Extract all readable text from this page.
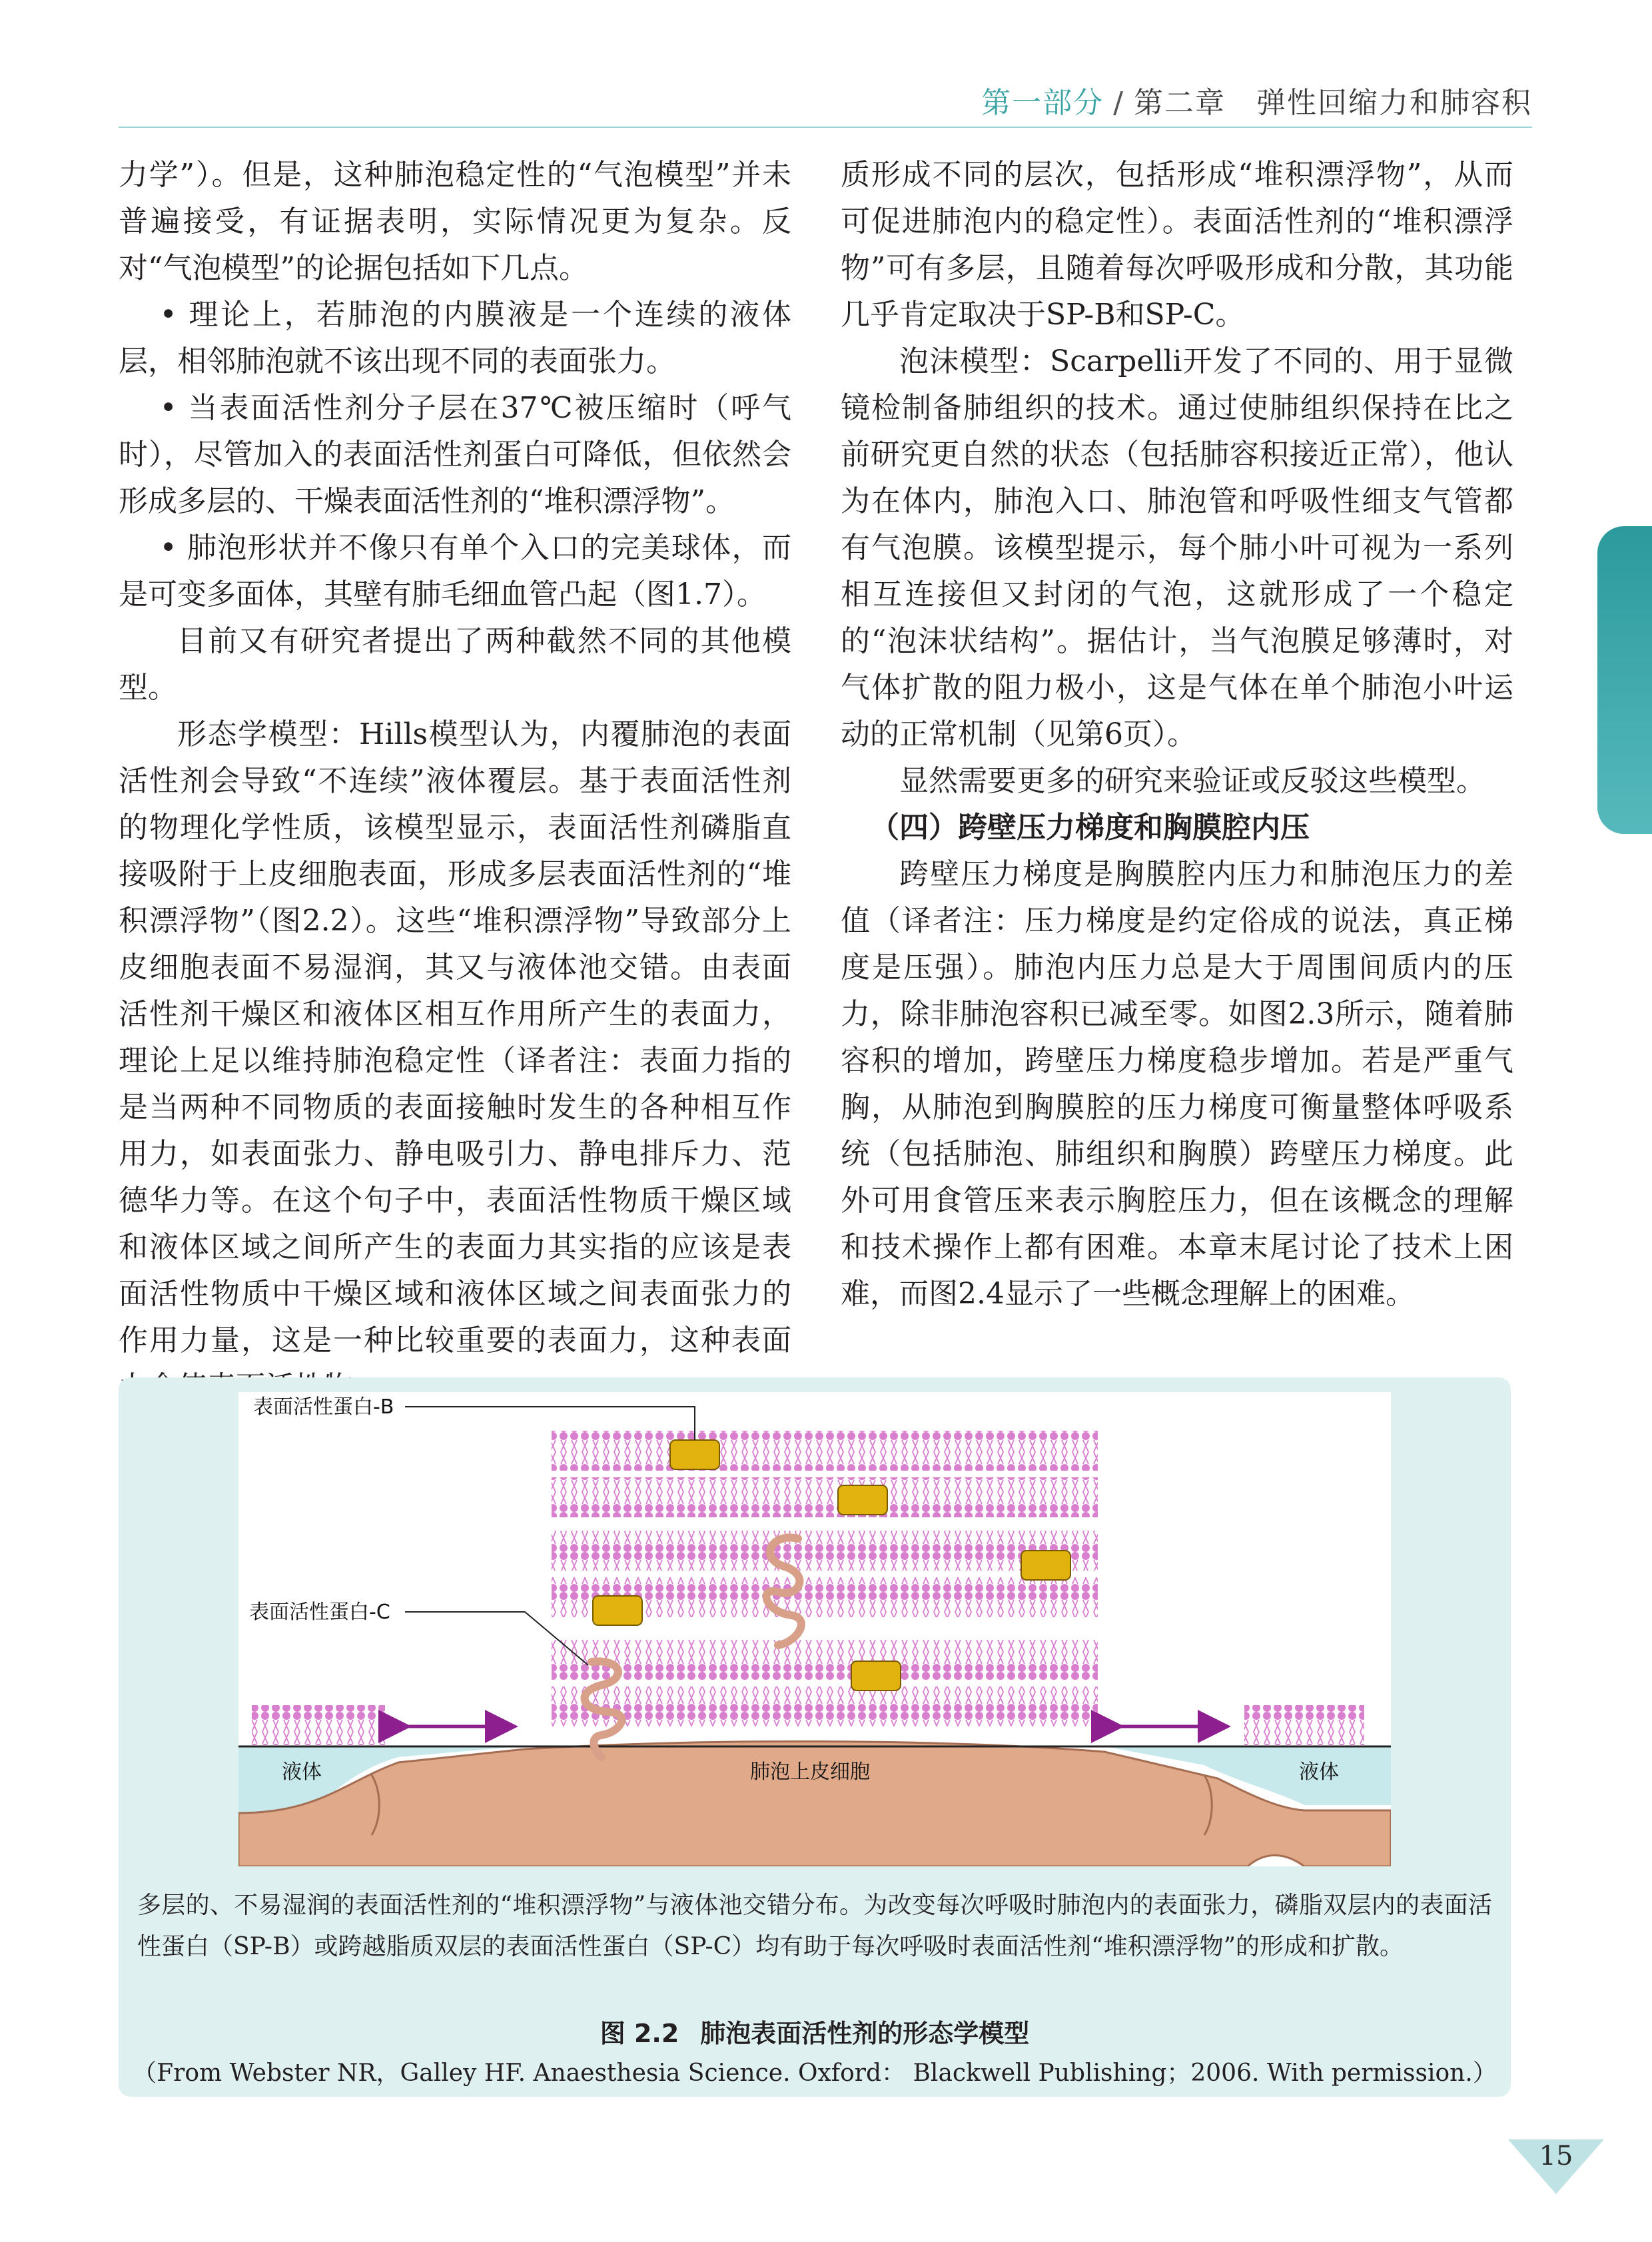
第一部分 / 第二章　弹性回缩力和肺容积

力学”）。但是，这种肺泡稳定性的“气泡模型”并未普遍接受，有证据表明，实际情况更为复杂。反对“气泡模型”的论据包括如下几点。

• 理论上，若肺泡的内膜液是一个连续的液体层，相邻肺泡就不该出现不同的表面张力。

• 当表面活性剂分子层在37℃被压缩时（呼气时），尽管加入的表面活性剂蛋白可降低，但依然会形成多层的、干燥表面活性剂的“堆积漂浮物”。

• 肺泡形状并不像只有单个入口的完美球体，而是可变多面体，其壁有肺毛细血管凸起（图1.7）。

目前又有研究者提出了两种截然不同的其他模型。

形态学模型：Hills模型认为，内覆肺泡的表面活性剂会导致“不连续”液体覆层。基于表面活性剂的物理化学性质，该模型显示，表面活性剂磷脂直接吸附于上皮细胞表面，形成多层表面活性剂的“堆积漂浮物”（图2.2）。这些“堆积漂浮物”导致部分上皮细胞表面不易湿润，其又与液体池交错。由表面活性剂干燥区和液体区相互作用所产生的表面力，理论上足以维持肺泡稳定性（译者注：表面力指的是当两种不同物质的表面接触时发生的各种相互作用力，如表面张力、静电吸引力、静电排斥力、范德华力等。在这个句子中，表面活性物质干燥区域和液体区域之间所产生的表面力其实指的应该是表面活性物质中干燥区域和液体区域之间表面张力的作用力量，这是一种比较重要的表面力，这种表面

质形成不同的层次，包括形成“堆积漂浮物”，从而可促进肺泡内的稳定性）。表面活性剂的“堆积漂浮物”可有多层，且随着每次呼吸形成和分散，其功能几乎肯定取决于SP-B和SP-C。

泡沫模型：Scarpelli开发了不同的、用于显微镜检制备肺组织的技术。通过使肺组织保持在比之前研究更自然的状态（包括肺容积接近正常），他认为在体内，肺泡入口、肺泡管和呼吸性细支气管都有气泡膜。该模型提示，每个肺小叶可视为一系列相互连接但又封闭的气泡，这就形成了一个稳定的“泡沫状结构”。据估计，当气泡膜足够薄时，对气体扩散的阻力极小，这是气体在单个肺泡小叶运动的正常机制（见第6页）。

显然需要更多的研究来验证或反驳这些模型。

（四）跨壁压力梯度和胸膜腔内压

跨壁压力梯度是胸膜腔内压力和肺泡压力的差值（译者注：压力梯度是约定俗成的说法，真正梯度是压强）。肺泡内压力总是大于周围间质内的压力，除非肺泡容积已减至零。如图2.3所示，随着肺容积的增加，跨壁压力梯度稳步增加。若是严重气胸，从肺泡到胸膜腔的压力梯度可衡量整体呼吸系统（包括肺泡、肺组织和胸膜）跨壁压力梯度。此外可用食管压来表示胸腔压力，但在该概念的理解和技术操作上都有困难。本章末尾讨论了技术上困难，而图2.4显示了一些概念理解上的困难。

表面活性蛋白-B
表面活性蛋白-C
液体	液体
肺泡上皮细胞
多层的、不易湿润的表面活性剂的“堆积漂浮物”与液体池交错分布。为改变每次呼吸时肺泡内的表面张力，磷脂双层内的表面活性蛋白（SP-B）或跨越脂质双层的表面活性蛋白（SP-C）均有助于每次呼吸时表面活性剂“堆积漂浮物”的形成和扩散。
图 2.2 肺泡表面活性剂的形态学模型
（From Webster NR，Galley HF. Anaesthesia Science. Oxford： Blackwell Publishing；2006. With permission.）
15
